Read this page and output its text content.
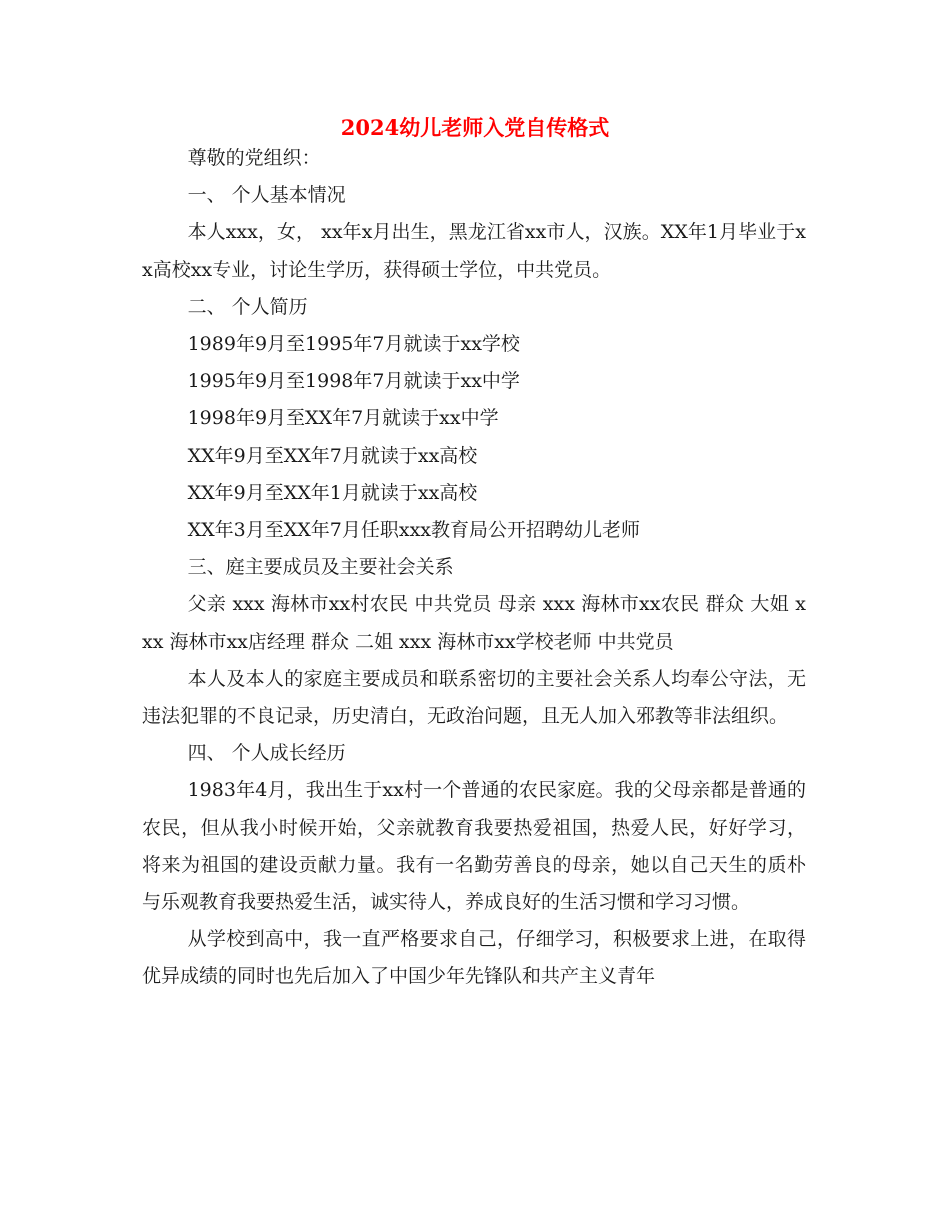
2024幼儿老师入党自传格式

尊敬的党组织：

一、 个人基本情况

本人xxx，女， xx年x月出生，黑龙江省xx市人，汉族。XX年1月毕业于xx高校xx专业，讨论生学历，获得硕士学位，中共党员。

二、 个人简历

1989年9月至1995年7月就读于xx学校

1995年9月至1998年7月就读于xx中学

1998年9月至XX年7月就读于xx中学

XX年9月至XX年7月就读于xx高校

XX年9月至XX年1月就读于xx高校

XX年3月至XX年7月任职xxx教育局公开招聘幼儿老师

三、庭主要成员及主要社会关系

父亲 xxx 海林市xx村农民 中共党员 母亲 xxx 海林市xx农民 群众 大姐 xxx 海林市xx店经理 群众 二姐 xxx 海林市xx学校老师 中共党员

本人及本人的家庭主要成员和联系密切的主要社会关系人均奉公守法，无违法犯罪的不良记录，历史清白，无政治问题，且无人加入邪教等非法组织。

四、 个人成长经历

1983年4月，我出生于xx村一个普通的农民家庭。我的父母亲都是普通的农民，但从我小时候开始，父亲就教育我要热爱祖国，热爱人民，好好学习，将来为祖国的建设贡献力量。我有一名勤劳善良的母亲，她以自己天生的质朴与乐观教育我要热爱生活，诚实待人，养成良好的生活习惯和学习习惯。

从学校到高中，我一直严格要求自己，仔细学习，积极要求上进，在取得优异成绩的同时也先后加入了中国少年先锋队和共产主义青年
